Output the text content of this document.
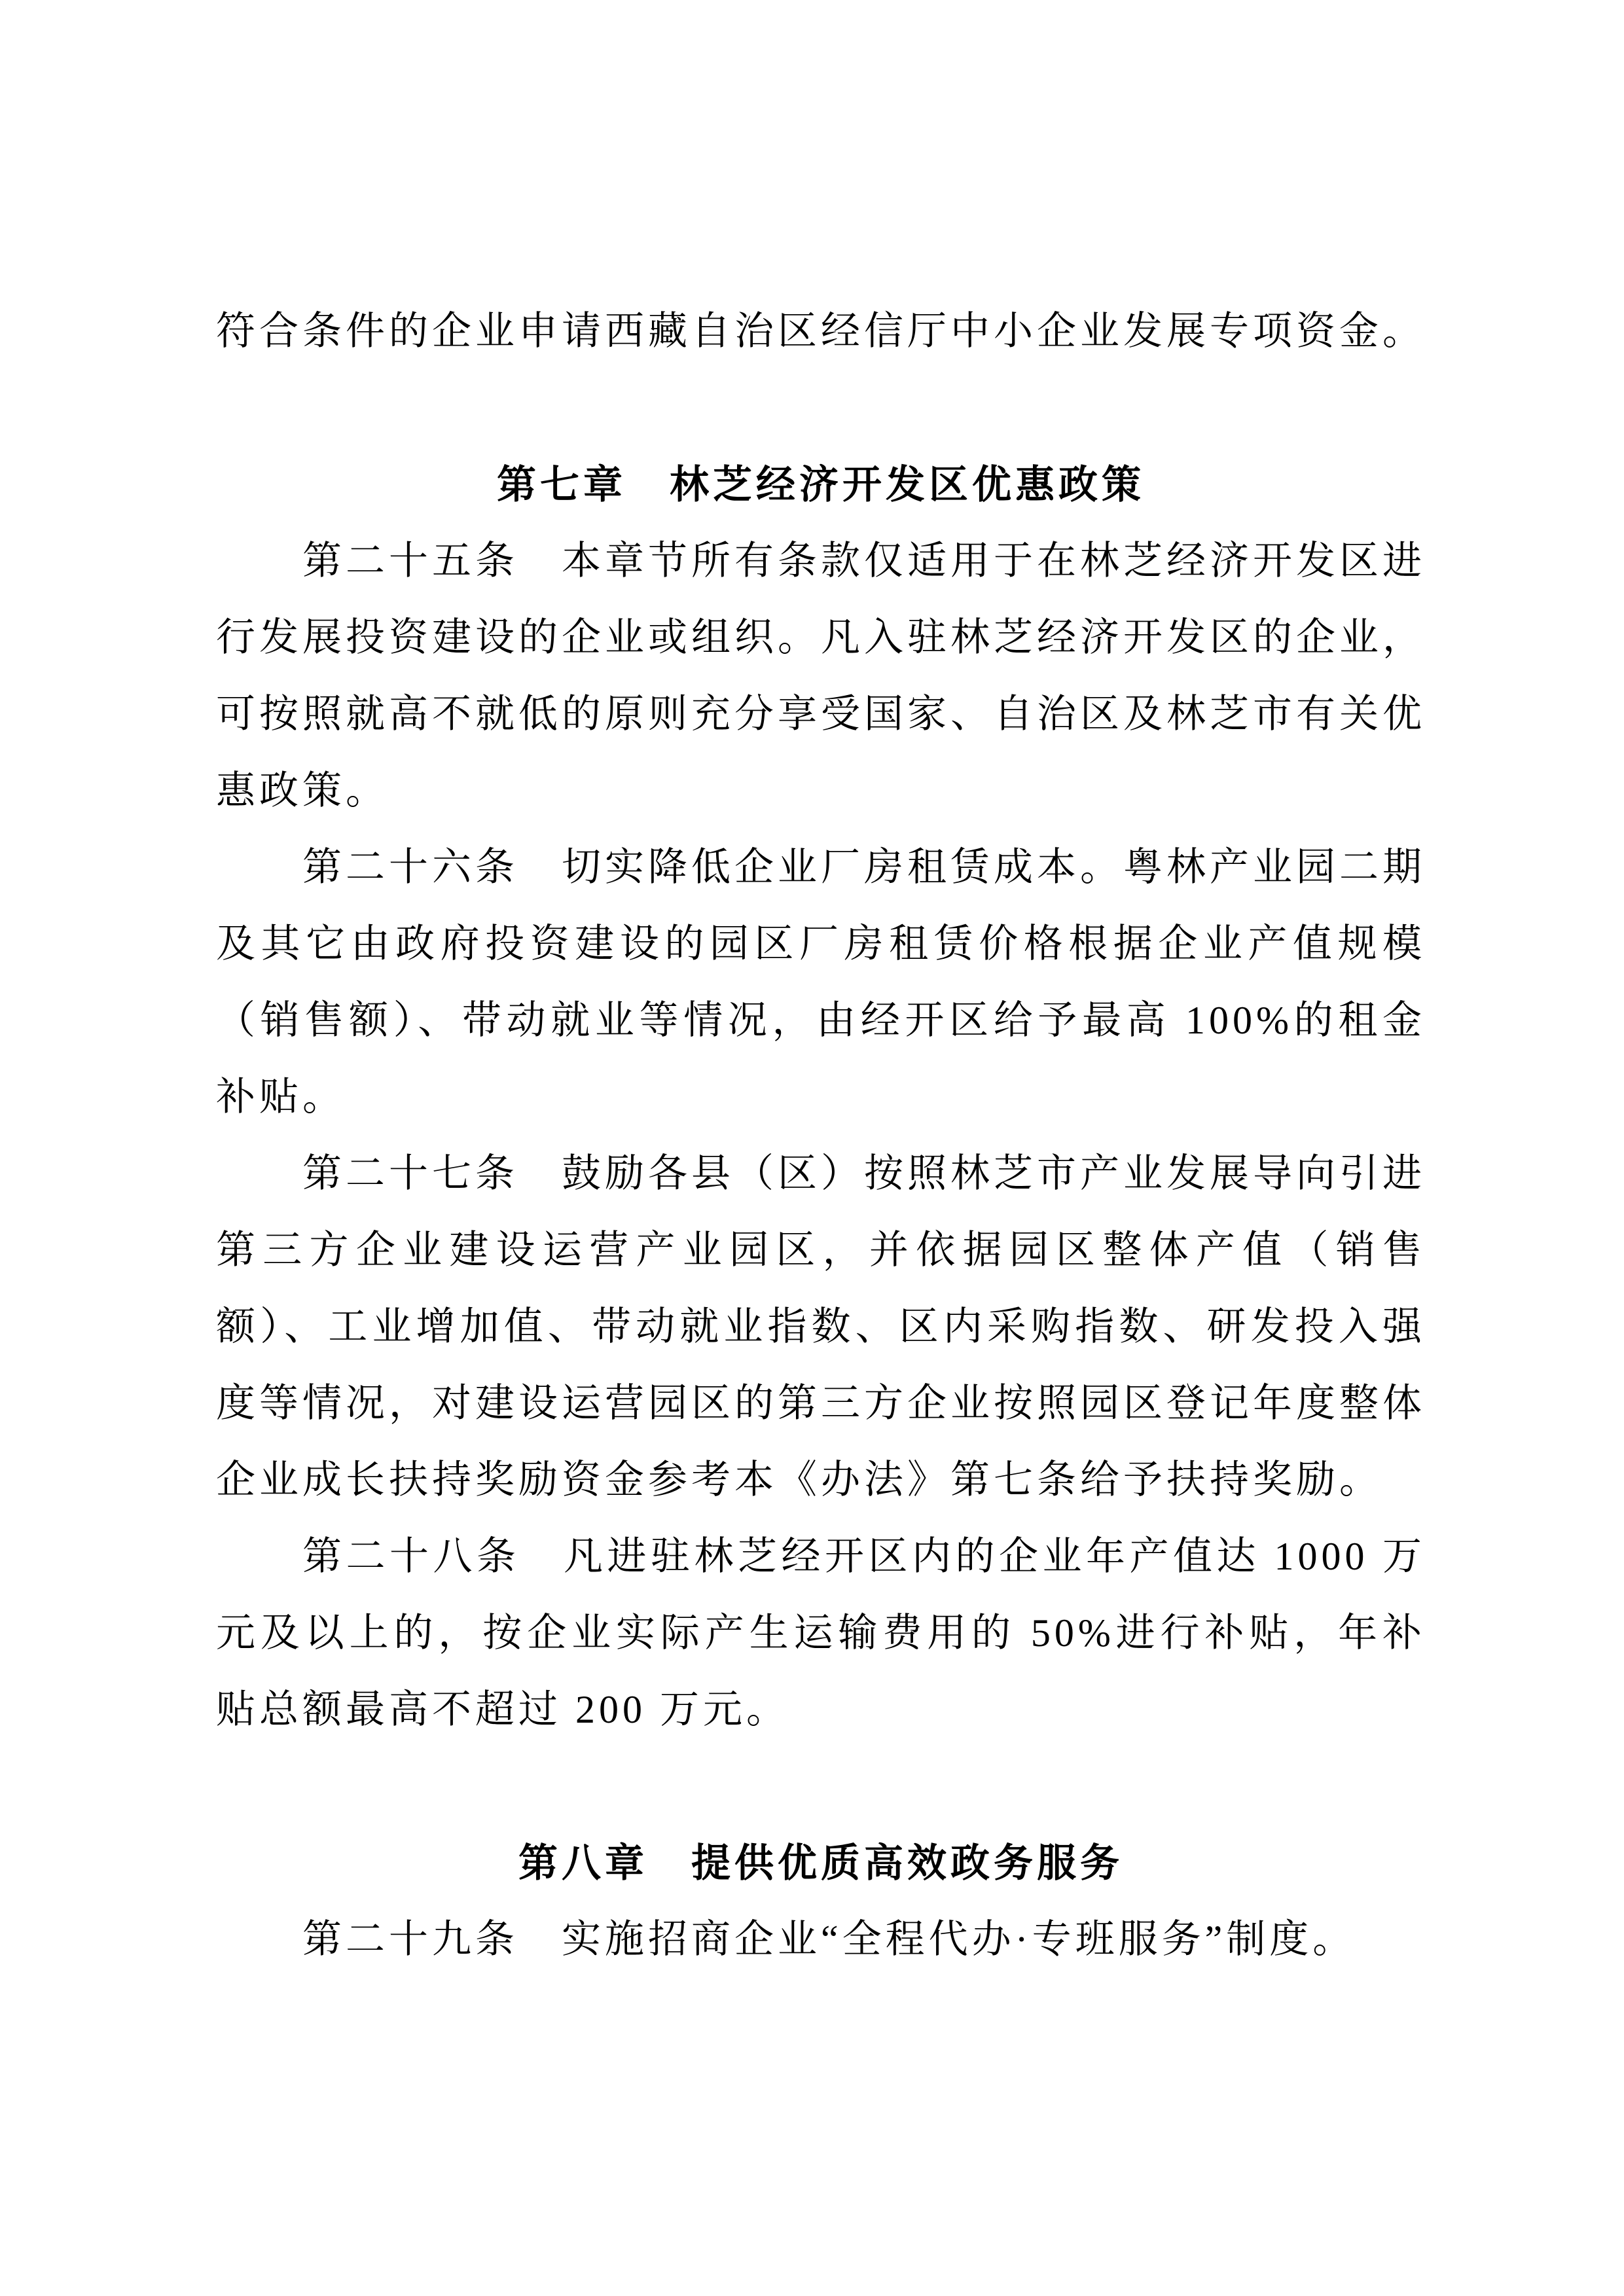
符合条件的企业申请西藏自治区经信厅中小企业发展专项资金。

第七章　林芝经济开发区优惠政策

第二十五条　本章节所有条款仅适用于在林芝经济开发区进行发展投资建设的企业或组织。凡入驻林芝经济开发区的企业，可按照就高不就低的原则充分享受国家、自治区及林芝市有关优惠政策。

第二十六条　切实降低企业厂房租赁成本。粤林产业园二期及其它由政府投资建设的园区厂房租赁价格根据企业产值规模（销售额）、带动就业等情况，由经开区给予最高 100%的租金补贴。

第二十七条　鼓励各县（区）按照林芝市产业发展导向引进第三方企业建设运营产业园区，并依据园区整体产值（销售额）、工业增加值、带动就业指数、区内采购指数、研发投入强度等情况，对建设运营园区的第三方企业按照园区登记年度整体企业成长扶持奖励资金参考本《办法》第七条给予扶持奖励。

第二十八条　凡进驻林芝经开区内的企业年产值达 1000 万元及以上的，按企业实际产生运输费用的 50%进行补贴，年补贴总额最高不超过 200 万元。

第八章　提供优质高效政务服务

第二十九条　实施招商企业“全程代办·专班服务”制度。
